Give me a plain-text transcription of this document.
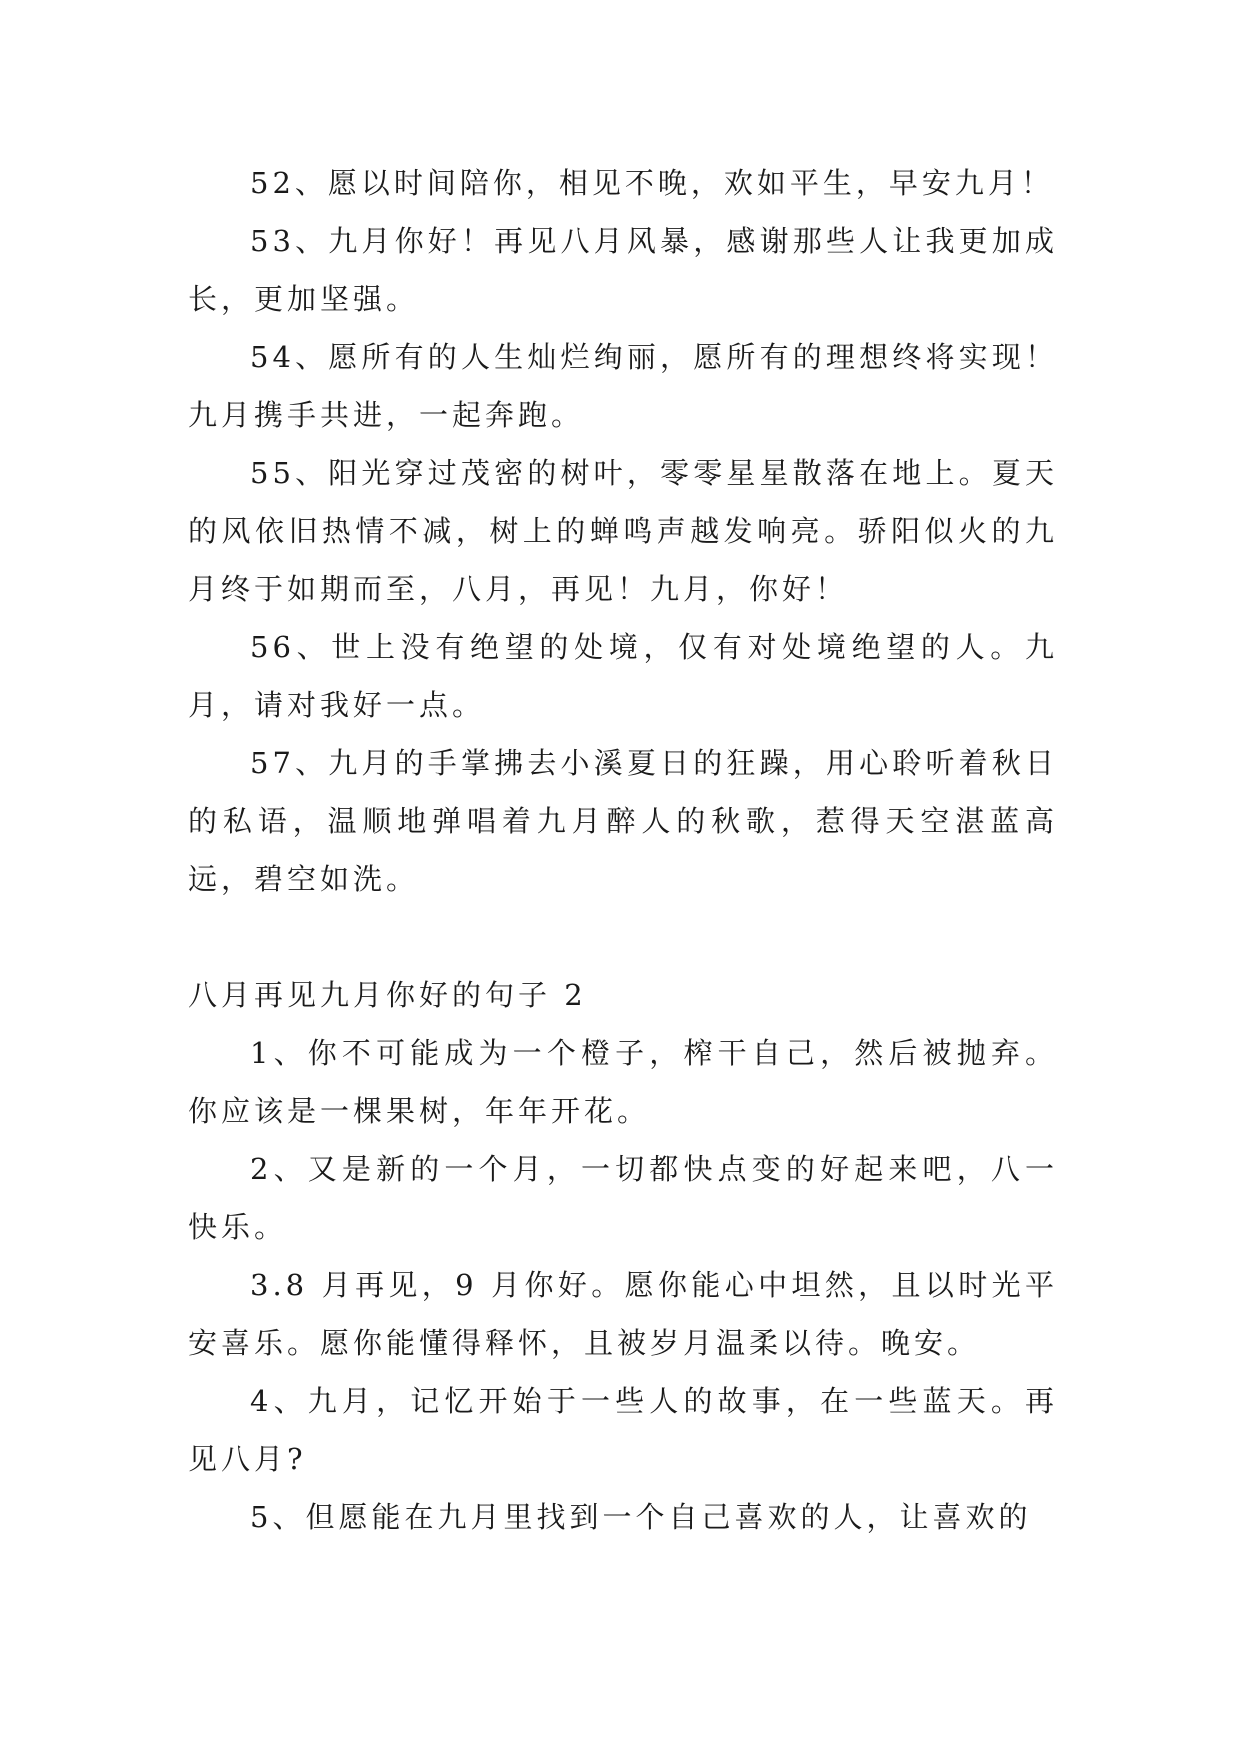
52、愿以时间陪你，相见不晚，欢如平生，早安九月！

53、九月你好！再见八月风暴，感谢那些人让我更加成长，更加坚强。

54、愿所有的人生灿烂绚丽，愿所有的理想终将实现！九月携手共进，一起奔跑。

55、阳光穿过茂密的树叶，零零星星散落在地上。夏天的风依旧热情不减，树上的蝉鸣声越发响亮。骄阳似火的九月终于如期而至，八月，再见！九月，你好！

56、世上没有绝望的处境，仅有对处境绝望的人。九月，请对我好一点。

57、九月的手掌拂去小溪夏日的狂躁，用心聆听着秋日的私语，温顺地弹唱着九月醉人的秋歌，惹得天空湛蓝高远，碧空如洗。

八月再见九月你好的句子 2

1、你不可能成为一个橙子，榨干自己，然后被抛弃。你应该是一棵果树，年年开花。

2、又是新的一个月，一切都快点变的好起来吧，八一快乐。

3.8 月再见，9 月你好。愿你能心中坦然，且以时光平安喜乐。愿你能懂得释怀，且被岁月温柔以待。晚安。

4、九月，记忆开始于一些人的故事，在一些蓝天。再见八月?

5、但愿能在九月里找到一个自己喜欢的人，让喜欢的
